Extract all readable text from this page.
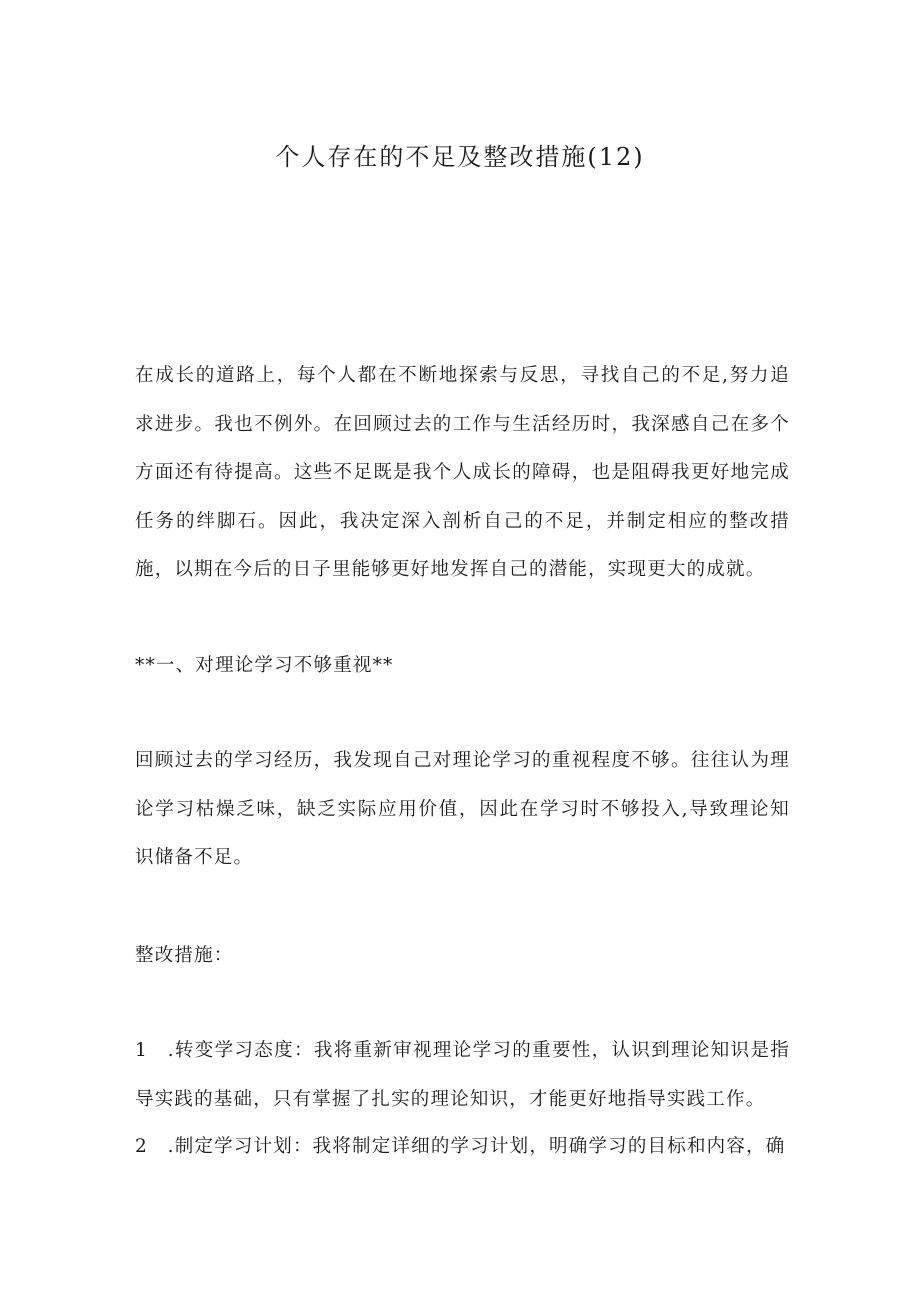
个人存在的不足及整改措施(12)

在成长的道路上，每个人都在不断地探索与反思，寻找自己的不足,努力追求进步。我也不例外。在回顾过去的工作与生活经历时，我深感自己在多个方面还有待提高。这些不足既是我个人成长的障碍，也是阻碍我更好地完成任务的绊脚石。因此，我决定深入剖析自己的不足，并制定相应的整改措施，以期在今后的日子里能够更好地发挥自己的潜能，实现更大的成就。

**一、对理论学习不够重视**

回顾过去的学习经历，我发现自己对理论学习的重视程度不够。往往认为理论学习枯燥乏味，缺乏实际应用价值，因此在学习时不够投入,导致理论知识储备不足。

整改措施：

1 .转变学习态度：我将重新审视理论学习的重要性，认识到理论知识是指导实践的基础，只有掌握了扎实的理论知识，才能更好地指导实践工作。

2 .制定学习计划：我将制定详细的学习计划，明确学习的目标和内容，确
